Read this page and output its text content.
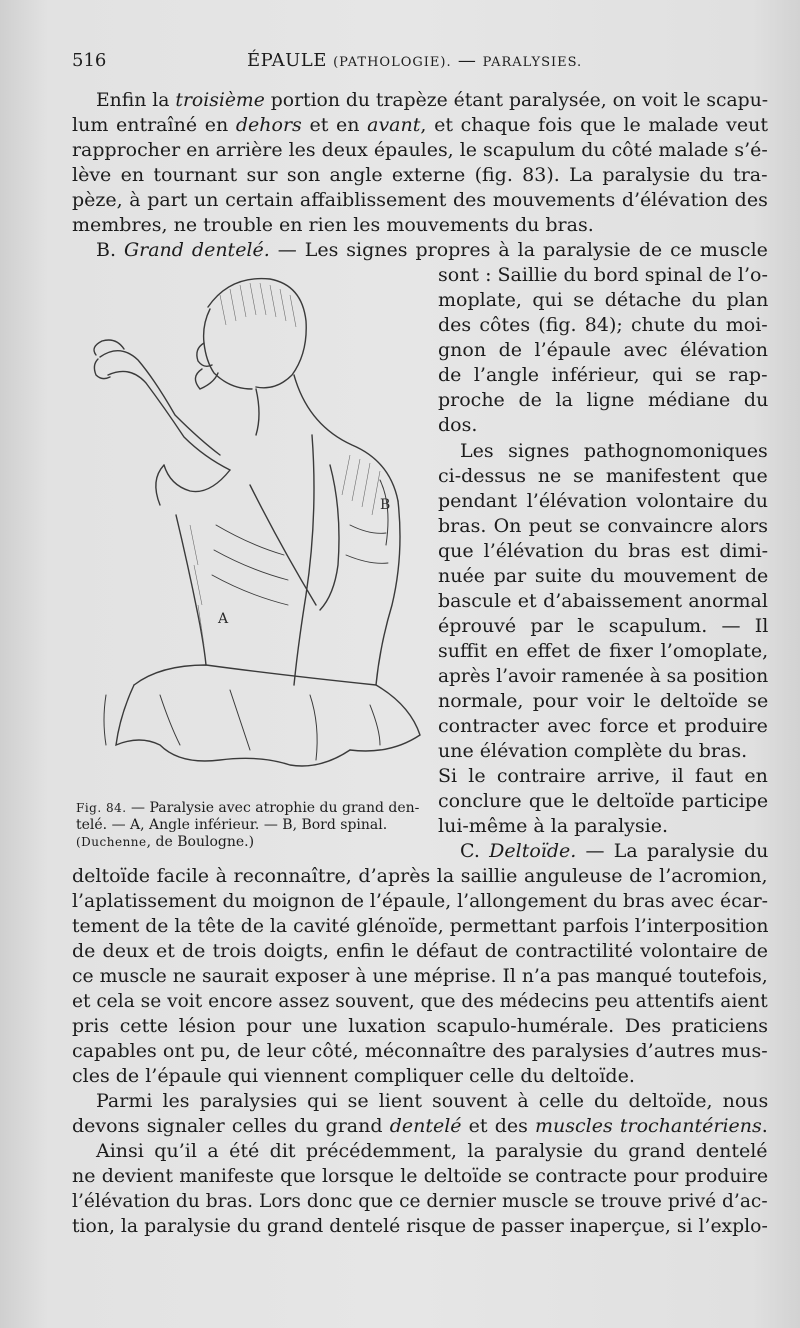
516	ÉPAULE (PATHOLOGIE). — PARALYSIES.
Enfin la troisième portion du trapèze étant paralysée, on voit le scapu-
lum entraîné en dehors et en avant, et chaque fois que le malade veut
rapprocher en arrière les deux épaules, le scapulum du côté malade s’é-
lève en tournant sur son angle externe (fig. 83). La paralysie du tra-
pèze, à part un certain affaiblissement des mouvements d’élévation des
membres, ne trouble en rien les mouvements du bras.
B. Grand dentelé. — Les signes propres à la paralysie de ce muscle
sont : Saillie du bord spinal de l’o-
moplate, qui se détache du plan
des côtes (fig. 84); chute du moi-
gnon de l’épaule avec élévation
de l’angle inférieur, qui se rap-
proche de la ligne médiane du
dos.
Les signes pathognomoniques
ci-dessus ne se manifestent que
pendant l’élévation volontaire du
bras. On peut se convaincre alors
que l’élévation du bras est dimi-
nuée par suite du mouvement de
bascule et d’abaissement anormal
éprouvé par le scapulum. — Il
suffit en effet de fixer l’omoplate,
après l’avoir ramenée à sa position
normale, pour voir le deltoïde se
contracter avec force et produire
une élévation complète du bras.
Si le contraire arrive, il faut en
conclure que le deltoïde participe
lui-même à la paralysie.
A
B
Fig. 84. — Paralysie avec atrophie du grand den-
telé. — A, Angle inférieur. — B, Bord spinal.
(Duchenne, de Boulogne.)	C. Deltoïde. — La paralysie du
deltoïde facile à reconnaître, d’après la saillie anguleuse de l’acromion,
l’aplatissement du moignon de l’épaule, l’allongement du bras avec écar-
tement de la tête de la cavité glénoïde, permettant parfois l’interposition
de deux et de trois doigts, enfin le défaut de contractilité volontaire de
ce muscle ne saurait exposer à une méprise. Il n’a pas manqué toutefois,
et cela se voit encore assez souvent, que des médecins peu attentifs aient
pris cette lésion pour une luxation scapulo-humérale. Des praticiens
capables ont pu, de leur côté, méconnaître des paralysies d’autres mus-
cles de l’épaule qui viennent compliquer celle du deltoïde.
Parmi les paralysies qui se lient souvent à celle du deltoïde, nous
devons signaler celles du grand dentelé et des muscles trochantériens.
Ainsi qu’il a été dit précédemment, la paralysie du grand dentelé
ne devient manifeste que lorsque le deltoïde se contracte pour produire
l’élévation du bras. Lors donc que ce dernier muscle se trouve privé d’ac-
tion, la paralysie du grand dentelé risque de passer inaperçue, si l’explo-
